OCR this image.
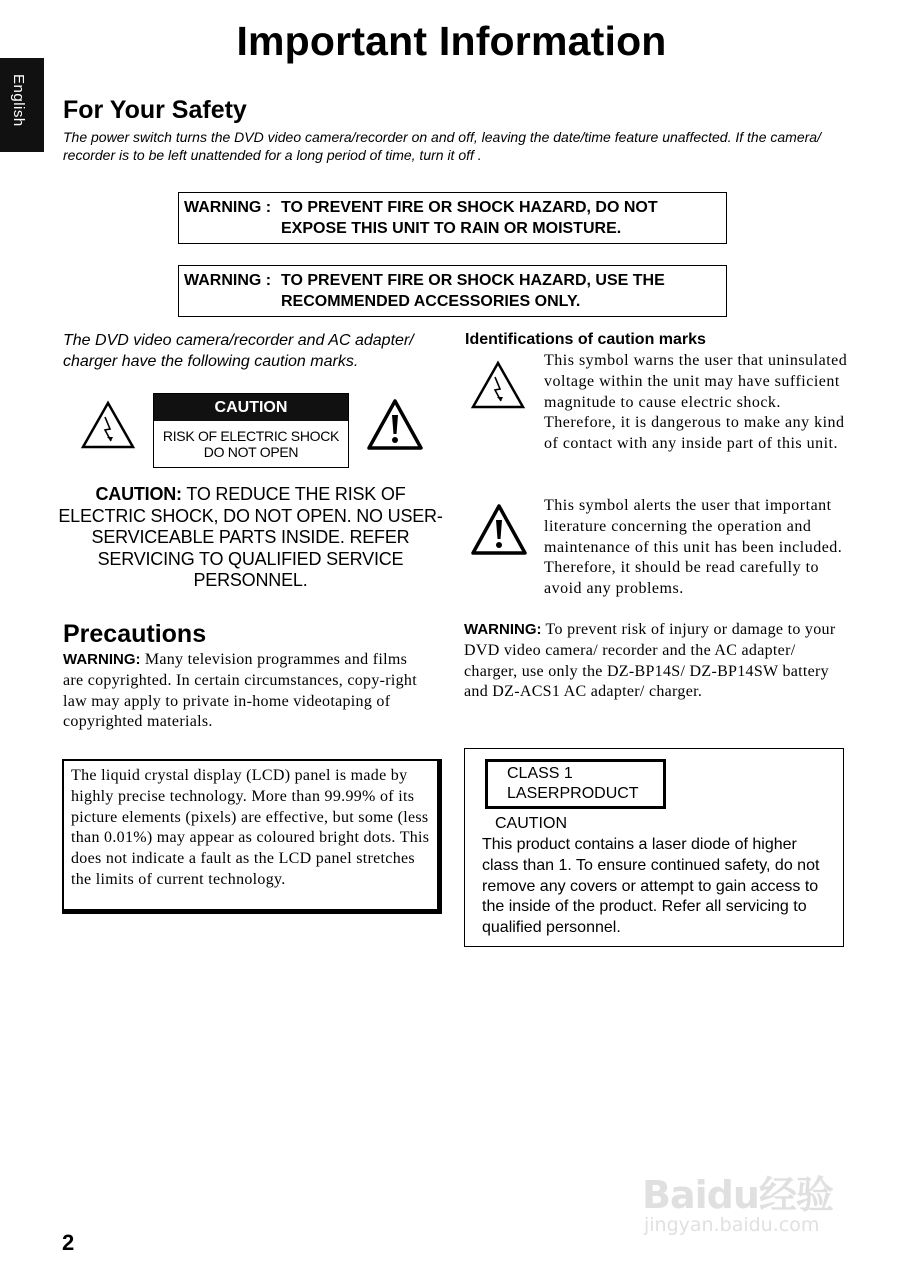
Important Information
English For Your Safety
The power switch turns the DVD video camera/recorder on and off, leaving the date/time feature unaffected. If the camera/ recorder is to be left unattended for a long period of time, turn it off .
WARNING : TO PREVENT FIRE OR SHOCK HAZARD, DO NOT EXPOSE THIS UNIT TO RAIN OR MOISTURE.
WARNING : TO PREVENT FIRE OR SHOCK HAZARD, USE THE RECOMMENDED ACCESSORIES ONLY.
The DVD video camera/recorder and AC adapter/ charger have the following caution marks.
CAUTION
RISK OF ELECTRIC SHOCK
DO NOT OPEN
CAUTION: TO REDUCE THE RISK OF ELECTRIC SHOCK, DO NOT OPEN. NO USER-SERVICEABLE PARTS INSIDE. REFER SERVICING TO QUALIFIED SERVICE PERSONNEL.
Precautions
WARNING: Many television programmes and films are copyrighted. In certain circumstances, copy-right law may apply to private in-home videotaping of copyrighted materials.
The liquid crystal display (LCD) panel is made by highly precise technology. More than 99.99% of its picture elements (pixels) are effective, but some (less than 0.01%) may appear as coloured bright dots. This does not indicate a fault as the LCD panel stretches the limits of current technology.
Identifications of caution marks
This symbol warns the user that uninsulated voltage within the unit may have sufficient magnitude to cause electric shock. Therefore, it is dangerous to make any kind of contact with any inside part of this unit.
This symbol alerts the user that important literature concerning the operation and maintenance of this unit has been included. Therefore, it should be read carefully to avoid any problems.
WARNING: To prevent risk of injury or damage to your DVD video camera/ recorder and the AC adapter/ charger, use only the DZ-BP14S/ DZ-BP14SW battery and DZ-ACS1 AC adapter/ charger.
CLASS 1
LASERPRODUCT
CAUTION
This product contains a laser diode of higher class than 1. To ensure continued safety, do not remove any covers or attempt to gain access to the inside of the product. Refer all servicing to qualified personnel.
2
Baidu经验
jingyan.baidu.com
